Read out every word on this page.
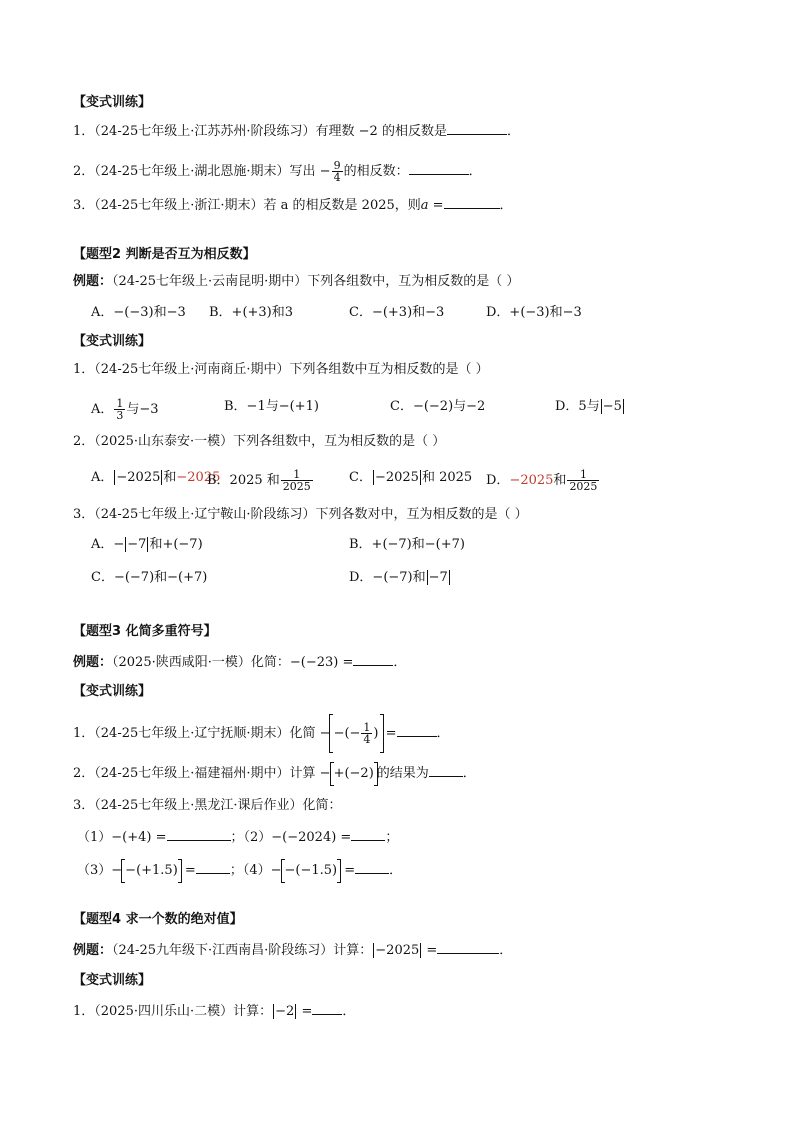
【变式训练】
1．（24-25七年级上·江苏苏州·阶段练习）有理数 −2 的相反数是	．
2．（24-25七年级上·湖北恩施·期末）写出 − $\frac{9}{4}$ 的相反数：	．
3．（24-25七年级上·浙江·期末）若 a 的相反数是 2025，则a =	．
【题型2 判断是否互为相反数】
例题：（24-25七年级上·云南昆明·期中）下列各组数中，互为相反数的是（ ）
A．−(−3)和−3 B．+(+3)和3	C．−(+3)和−3	D．+(−3)和−3
【变式训练】
1．（24-25七年级上·河南商丘·期中）下列各组数中互为相反数的是（ ）
A． $\frac{1}{3}$ 与−3	B．−1与−(+1)	C．−(−2)与−2	D．5与 −5
2．（2025·山东泰安·一模）下列各组数中，互为相反数的是（ ）
A． −2025 和−2025
B．2025 和 $\frac{1}{2025}$	C． −2025 和 2025 D．−2025和 $\frac{1}{2025}$
3．（24-25七年级上·辽宁鞍山·阶段练习）下列各数对中，互为相反数的是（ ）
A．− −7 和+(−7)	B．+(−7)和−(+7)
C．−(−7)和−(+7)	D．−(−7)和 −7
【题型3 化简多重符号】
例题：（2025·陕西咸阳·一模）化简：−(−23) =	．
【变式训练】
1．（24-25七年级上·辽宁抚顺·期末）化简 − −(− $\frac{1}{4}$ ) =	．
2．（24-25七年级上·福建福州·期中）计算 − +(−2) 的结果为	．
3．（24-25七年级上·黑龙江·课后作业）化简：
（1）−(+4) =	；（2）−(−2024) =	；
（3）− −(+1.5) =	；（4）− −(−1.5) =	．
【题型4 求一个数的绝对值】
例题：（24-25九年级下·江西南昌·阶段练习）计算： −2025 =	．
【变式训练】
1．（2025·四川乐山·二模）计算： −2 = ．
